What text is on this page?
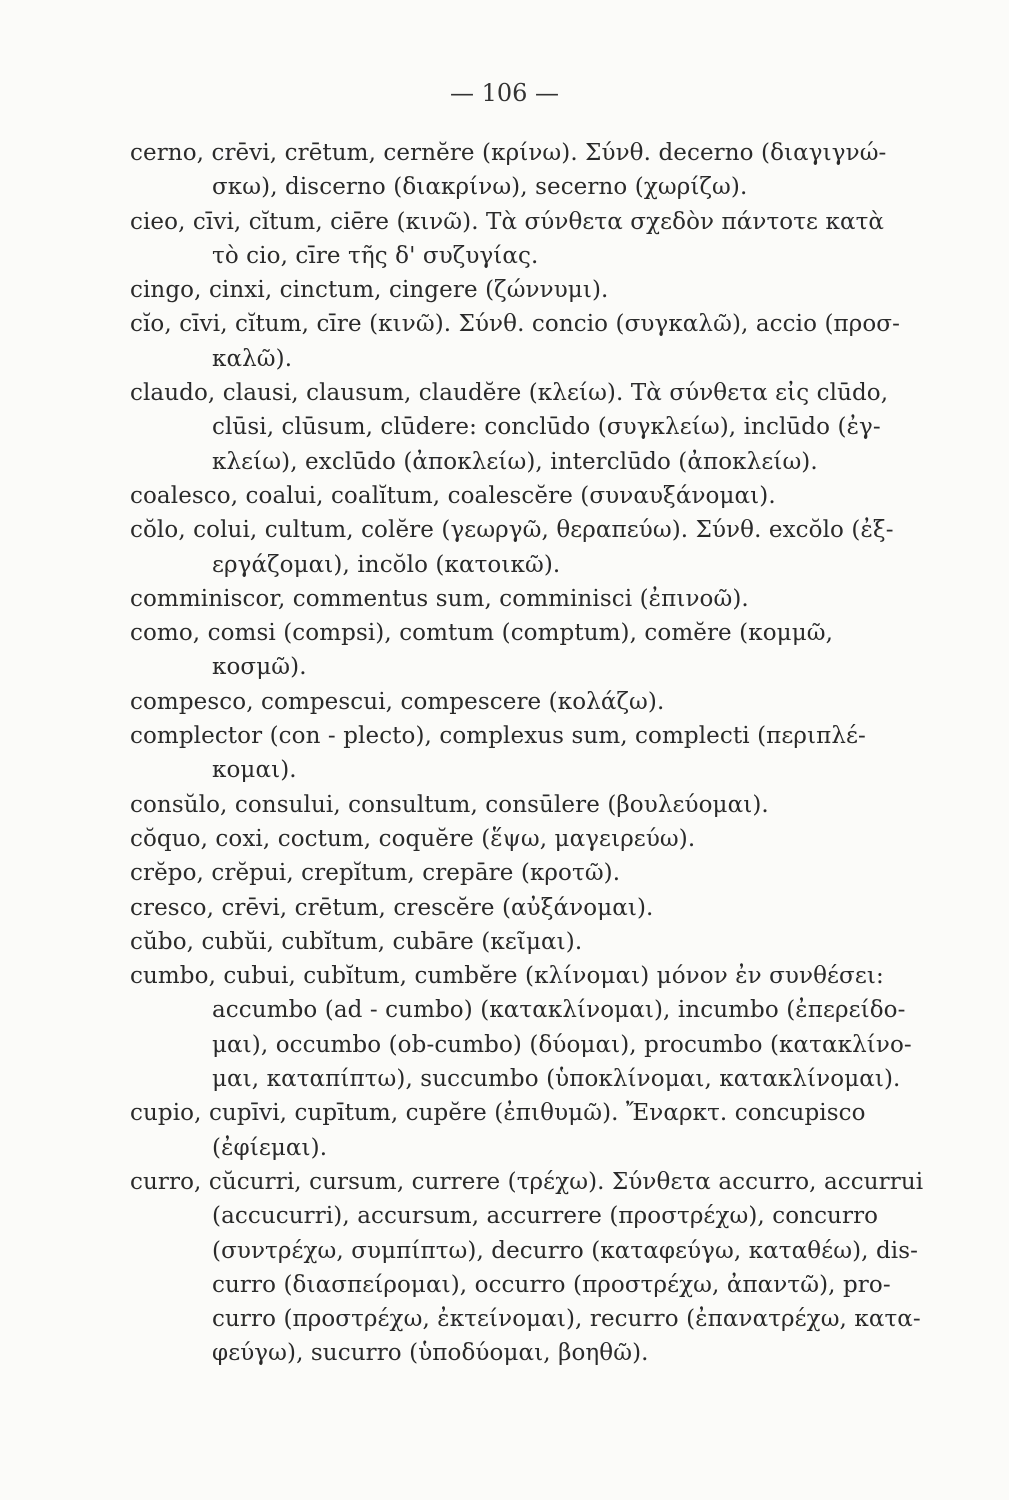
— 106 —
cerno, crēvi, crētum, cernĕre (κρίνω). Σύνθ. decerno (διαγιγνώ-
σκω), discerno (διακρίνω), secerno (χωρίζω).
cieo, cīvi, cĭtum, ciēre (κινῶ). Τὰ σύνθετα σχεδὸν πάντοτε κατὰ
τὸ cio, cīre τῆς δ' συζυγίας.
cingo, cinxi, cinctum, cingere (ζώννυμι).
cĭo, cīvi, cĭtum, cīre (κινῶ). Σύνθ. concio (συγκαλῶ), accio (προσ-
καλῶ).
claudo, clausi, clausum, claudĕre (κλείω). Τὰ σύνθετα εἰς clūdo,
clūsi, clūsum, clūdere: conclūdo (συγκλείω), inclūdo (ἐγ-
κλείω), exclūdo (ἀποκλείω), interclūdo (ἀποκλείω).
coalesco, coalui, coalĭtum, coalescĕre (συναυξάνομαι).
cŏlo, colui, cultum, colĕre (γεωργῶ, θεραπεύω). Σύνθ. excŏlo (ἐξ-
εργάζομαι), incŏlo (κατοικῶ).
comminiscor, commentus sum, comminisci (ἐπινοῶ).
como, comsi (compsi), comtum (comptum), comĕre (κομμῶ,
κοσμῶ).
compesco, compescui, compescere (κολάζω).
complector (con - plecto), complexus sum, complecti (περιπλέ-
κομαι).
consŭlo, consului, consultum, consūlere (βουλεύομαι).
cŏquo, coxi, coctum, coquĕre (ἕψω, μαγειρεύω).
crĕpo, crĕpui, crepĭtum, crepāre (κροτῶ).
cresco, crēvi, crētum, crescĕre (αὐξάνομαι).
cŭbo, cubŭi, cubĭtum, cubāre (κεῖμαι).
cumbo, cubui, cubĭtum, cumbĕre (κλίνομαι) μόνον ἐν συνθέσει:
accumbo (ad - cumbo) (κατακλίνομαι), incumbo (ἐπερείδο-
μαι), occumbo (ob-cumbo) (δύομαι), procumbo (κατακλίνο-
μαι, καταπίπτω), succumbo (ὑποκλίνομαι, κατακλίνομαι).
cupio, cupīvi, cupītum, cupĕre (ἐπιθυμῶ). Ἔναρκτ. concupisco
(ἐφίεμαι).
curro, cŭcurri, cursum, currere (τρέχω). Σύνθετα accurro, accurrui
(accucurri), accursum, accurrere (προστρέχω), concurro
(συντρέχω, συμπίπτω), decurro (καταφεύγω, καταθέω), dis-
curro (διασπείρομαι), occurro (προστρέχω, ἀπαντῶ), pro-
curro (προστρέχω, ἐκτείνομαι), recurro (ἐπανατρέχω, κατα-
φεύγω), sucurro (ὑποδύομαι, βοηθῶ).
